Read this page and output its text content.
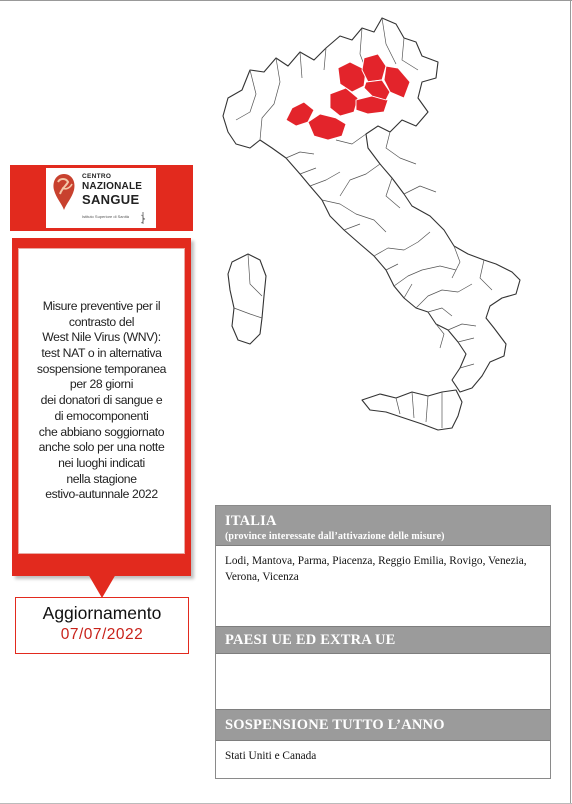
CENTRO
NAZIONALE
SANGUE
Istituto Superiore di Sanità

Misure preventive per il
contrasto del
West Nile Virus (WNV):
test NAT o in alternativa
sospensione temporanea
per 28 giorni
dei donatori di sangue e
di emocomponenti
che abbiano soggiornato
anche solo per una notte
nei luoghi indicati
nella stagione
estivo-autunnale 2022

Aggiornamento
07/07/2022
ITALIA
(province interessate dall’attivazione delle misure)
Lodi, Mantova, Parma, Piacenza, Reggio Emilia, Rovigo, Venezia, Verona, Vicenza
PAESI UE ED EXTRA UE
SOSPENSIONE TUTTO L’ANNO
Stati Uniti e Canada
